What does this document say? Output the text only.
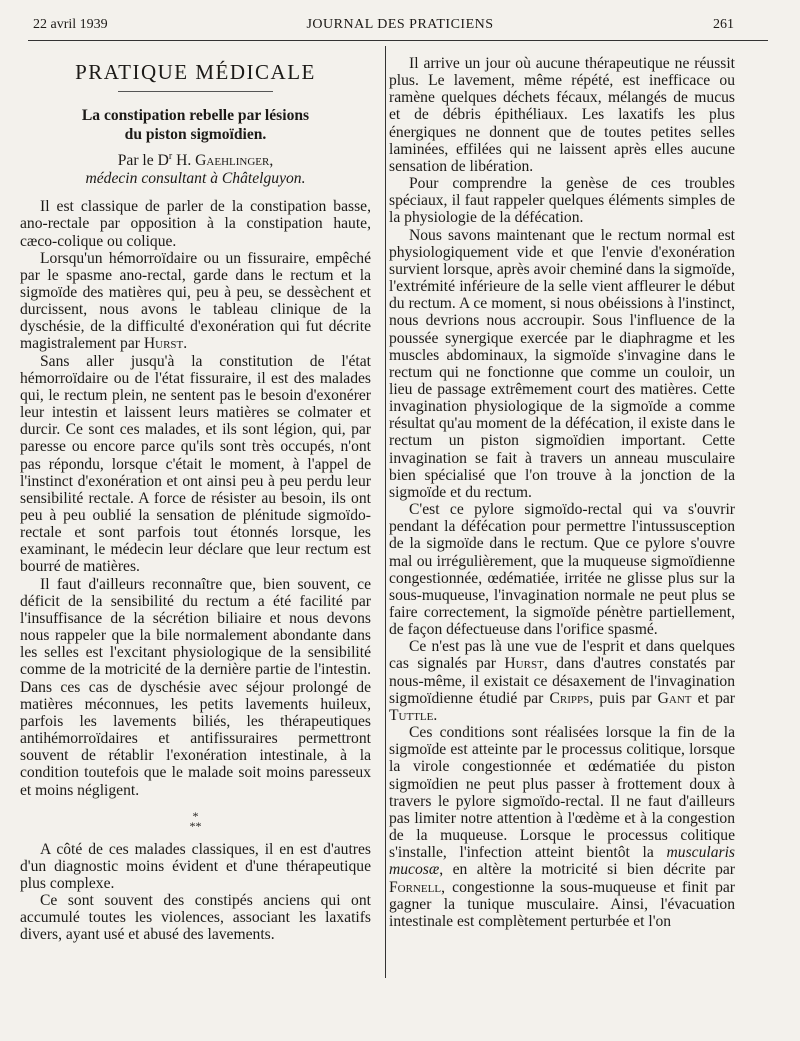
22 avril 1939	JOURNAL DES PRATICIENS	261
PRATIQUE MÉDICALE
La constipation rebelle par lésions
du piston sigmoïdien.
Par le $D^r$ H. Gaehlinger,
médecin consultant à Châtelguyon.

Il est classique de parler de la constipation basse, ano-rectale par opposition à la constipation haute, cæco-colique ou colique.

Lorsqu'un hémorroïdaire ou un fissuraire, empêché par le spasme ano-rectal, garde dans le rectum et la sigmoïde des matières qui, peu à peu, se dessèchent et durcissent, nous avons le tableau clinique de la dyschésie, de la difficulté d'exonération qui fut décrite magistralement par Hurst.

Sans aller jusqu'à la constitution de l'état hémorroïdaire ou de l'état fissuraire, il est des malades qui, le rectum plein, ne sentent pas le besoin d'exonérer leur intestin et laissent leurs matières se colmater et durcir. Ce sont ces malades, et ils sont légion, qui, par paresse ou encore parce qu'ils sont très occupés, n'ont pas répondu, lorsque c'était le moment, à l'appel de l'instinct d'exonération et ont ainsi peu à peu perdu leur sensibilité rectale. A force de résister au besoin, ils ont peu à peu oublié la sensation de plénitude sigmoïdo-rectale et sont parfois tout étonnés lorsque, les examinant, le médecin leur déclare que leur rectum est bourré de matières.

Il faut d'ailleurs reconnaître que, bien souvent, ce déficit de la sensibilité du rectum a été facilité par l'insuffisance de la sécrétion biliaire et nous devons nous rappeler que la bile normalement abondante dans les selles est l'excitant physiologique de la sensibilité comme de la motricité de la dernière partie de l'intestin. Dans ces cas de dyschésie avec séjour prolongé de matières méconnues, les petits lavements huileux, parfois les lavements biliés, les thérapeutiques antihémorroïdaires et antifissuraires permettront souvent de rétablir l'exonération intestinale, à la condition toutefois que le malade soit moins paresseux et moins négligent.

*
**

A côté de ces malades classiques, il en est d'autres d'un diagnostic moins évident et d'une thérapeutique plus complexe.

Ce sont souvent des constipés anciens qui ont accumulé toutes les violences, associant les laxatifs divers, ayant usé et abusé des lavements.

Il arrive un jour où aucune thérapeutique ne réussit plus. Le lavement, même répété, est inefficace ou ramène quelques déchets fécaux, mélangés de mucus et de débris épithéliaux. Les laxatifs les plus énergiques ne donnent que de toutes petites selles laminées, effilées qui ne laissent après elles aucune sensation de libération.

Pour comprendre la genèse de ces troubles spéciaux, il faut rappeler quelques éléments simples de la physiologie de la défécation.

Nous savons maintenant que le rectum normal est physiologiquement vide et que l'envie d'exonération survient lorsque, après avoir cheminé dans la sigmoïde, l'extrémité inférieure de la selle vient affleurer le début du rectum. A ce moment, si nous obéissions à l'instinct, nous devrions nous accroupir. Sous l'influence de la poussée synergique exercée par le diaphragme et les muscles abdominaux, la sigmoïde s'invagine dans le rectum qui ne fonctionne que comme un couloir, un lieu de passage extrêmement court des matières. Cette invagination physiologique de la sigmoïde a comme résultat qu'au moment de la défécation, il existe dans le rectum un piston sigmoïdien important. Cette invagination se fait à travers un anneau musculaire bien spécialisé que l'on trouve à la jonction de la sigmoïde et du rectum.

C'est ce pylore sigmoïdo-rectal qui va s'ouvrir pendant la défécation pour permettre l'intussusception de la sigmoïde dans le rectum. Que ce pylore s'ouvre mal ou irrégulièrement, que la muqueuse sigmoïdienne congestionnée, œdématiée, irritée ne glisse plus sur la sous-muqueuse, l'invagination normale ne peut plus se faire correctement, la sigmoïde pénètre partiellement, de façon défectueuse dans l'orifice spasmé.

Ce n'est pas là une vue de l'esprit et dans quelques cas signalés par Hurst, dans d'autres constatés par nous-même, il existait ce désaxement de l'invagination sigmoïdienne étudié par Cripps, puis par Gant et par Tuttle.

Ces conditions sont réalisées lorsque la fin de la sigmoïde est atteinte par le processus colitique, lorsque la virole congestionnée et œdématiée du piston sigmoïdien ne peut plus passer à frottement doux à travers le pylore sigmoïdo-rectal. Il ne faut d'ailleurs pas limiter notre attention à l'œdème et à la congestion de la muqueuse. Lorsque le processus colitique s'installe, l'infection atteint bientôt la muscularis mucosæ, en altère la motricité si bien décrite par Fornell, congestionne la sous-muqueuse et finit par gagner la tunique musculaire. Ainsi, l'évacuation intestinale est complètement perturbée et l'on
